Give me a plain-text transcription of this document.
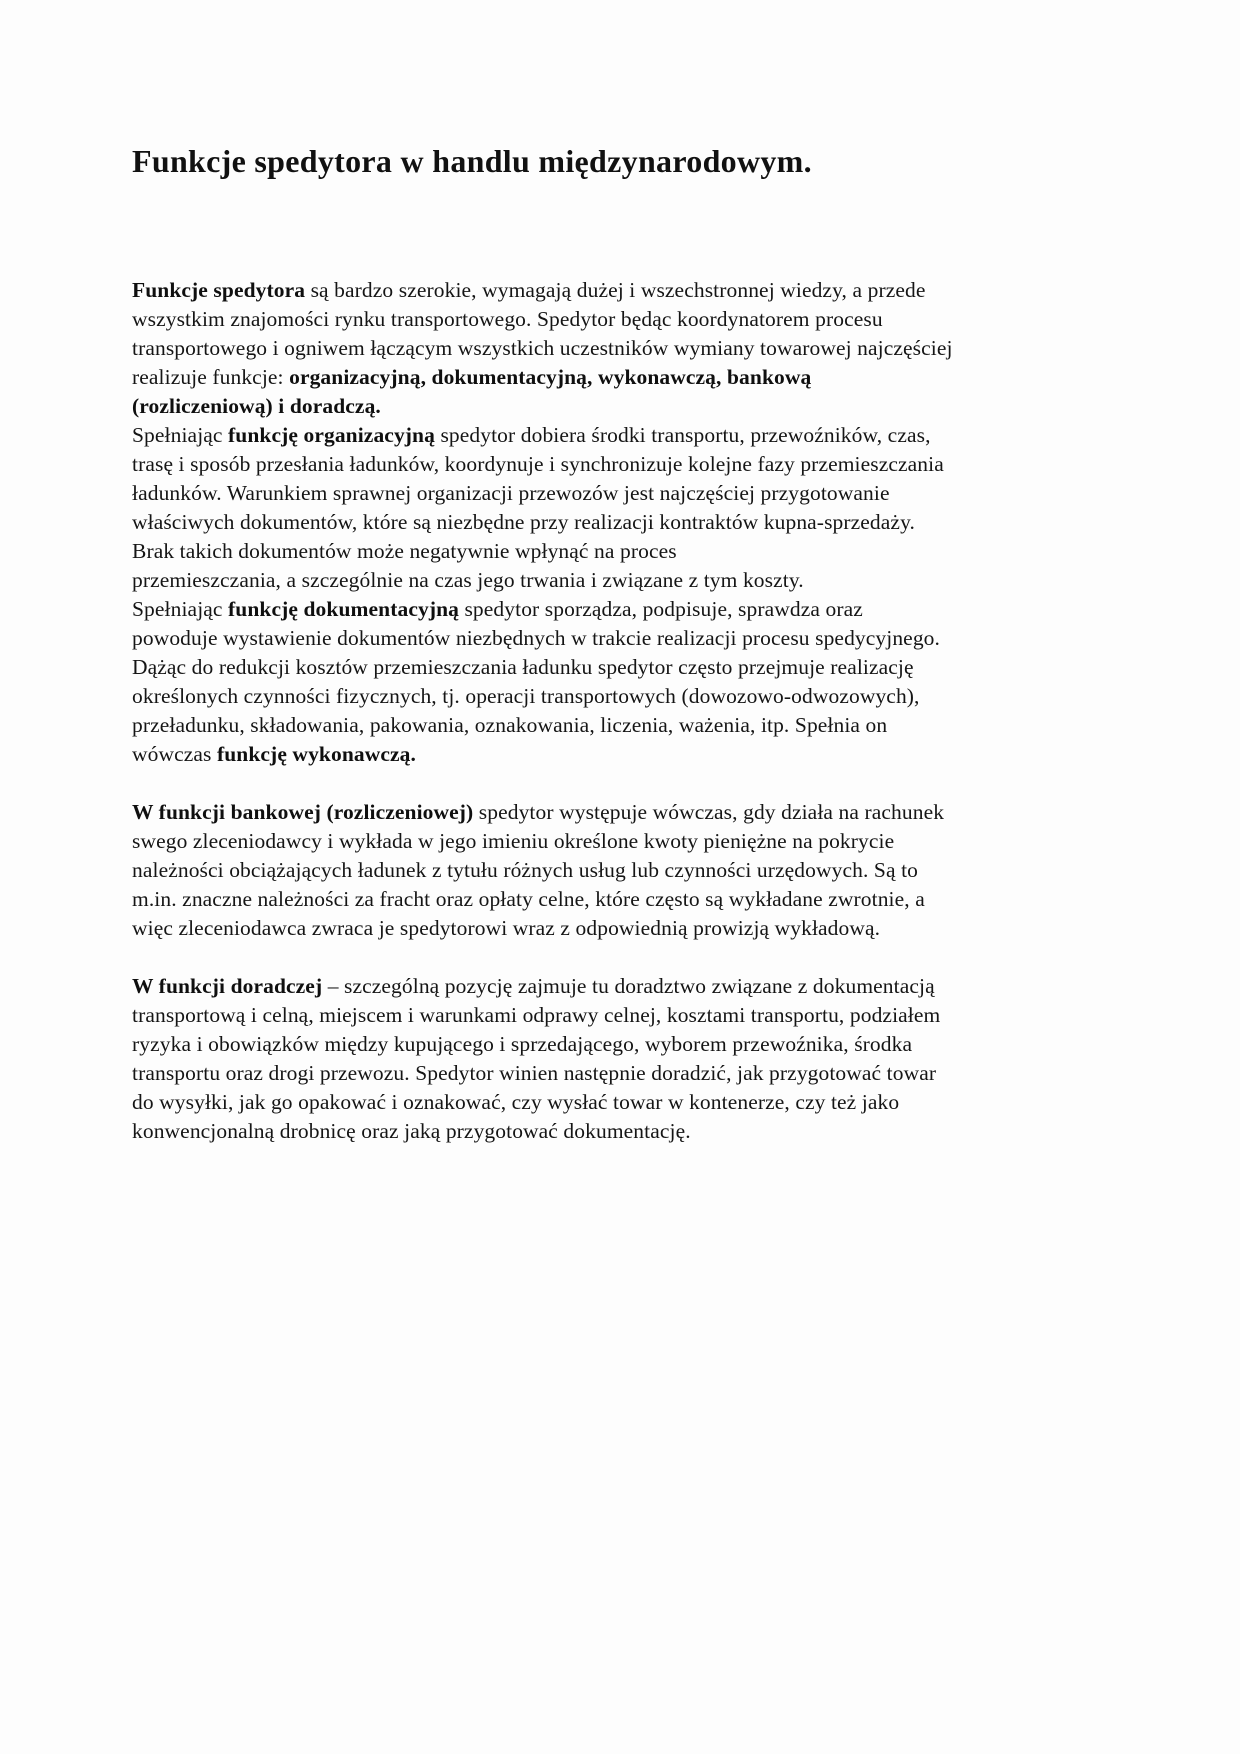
Funkcje spedytora w handlu międzynarodowym.
Funkcje spedytora są bardzo szerokie, wymagają dużej i wszechstronnej wiedzy, a przede
wszystkim znajomości rynku transportowego. Spedytor będąc koordynatorem procesu
transportowego i ogniwem łączącym wszystkich uczestników wymiany towarowej najczęściej
realizuje funkcje: organizacyjną, dokumentacyjną, wykonawczą, bankową
(rozliczeniową) i doradczą.
Spełniając funkcję organizacyjną spedytor dobiera środki transportu, przewoźników, czas,
trasę i sposób przesłania ładunków, koordynuje i synchronizuje kolejne fazy przemieszczania
ładunków. Warunkiem sprawnej organizacji przewozów jest najczęściej przygotowanie
właściwych dokumentów, które są niezbędne przy realizacji kontraktów kupna-sprzedaży.
Brak takich dokumentów może negatywnie wpłynąć na proces
przemieszczania, a szczególnie na czas jego trwania i związane z tym koszty.
Spełniając funkcję dokumentacyjną spedytor sporządza, podpisuje, sprawdza oraz
powoduje wystawienie dokumentów niezbędnych w trakcie realizacji procesu spedycyjnego.
Dążąc do redukcji kosztów przemieszczania ładunku spedytor często przejmuje realizację
określonych czynności fizycznych, tj. operacji transportowych (dowozowo-odwozowych),
przeładunku, składowania, pakowania, oznakowania, liczenia, ważenia, itp. Spełnia on
wówczas funkcję wykonawczą.
W funkcji bankowej (rozliczeniowej) spedytor występuje wówczas, gdy działa na rachunek
swego zleceniodawcy i wykłada w jego imieniu określone kwoty pieniężne na pokrycie
należności obciążających ładunek z tytułu różnych usług lub czynności urzędowych. Są to
m.in. znaczne należności za fracht oraz opłaty celne, które często są wykładane zwrotnie, a
więc zleceniodawca zwraca je spedytorowi wraz z odpowiednią prowizją wykładową.
W funkcji doradczej – szczególną pozycję zajmuje tu doradztwo związane z dokumentacją
transportową i celną, miejscem i warunkami odprawy celnej, kosztami transportu, podziałem
ryzyka i obowiązków między kupującego i sprzedającego, wyborem przewoźnika, środka
transportu oraz drogi przewozu. Spedytor winien następnie doradzić, jak przygotować towar
do wysyłki, jak go opakować i oznakować, czy wysłać towar w kontenerze, czy też jako
konwencjonalną drobnicę oraz jaką przygotować dokumentację.
